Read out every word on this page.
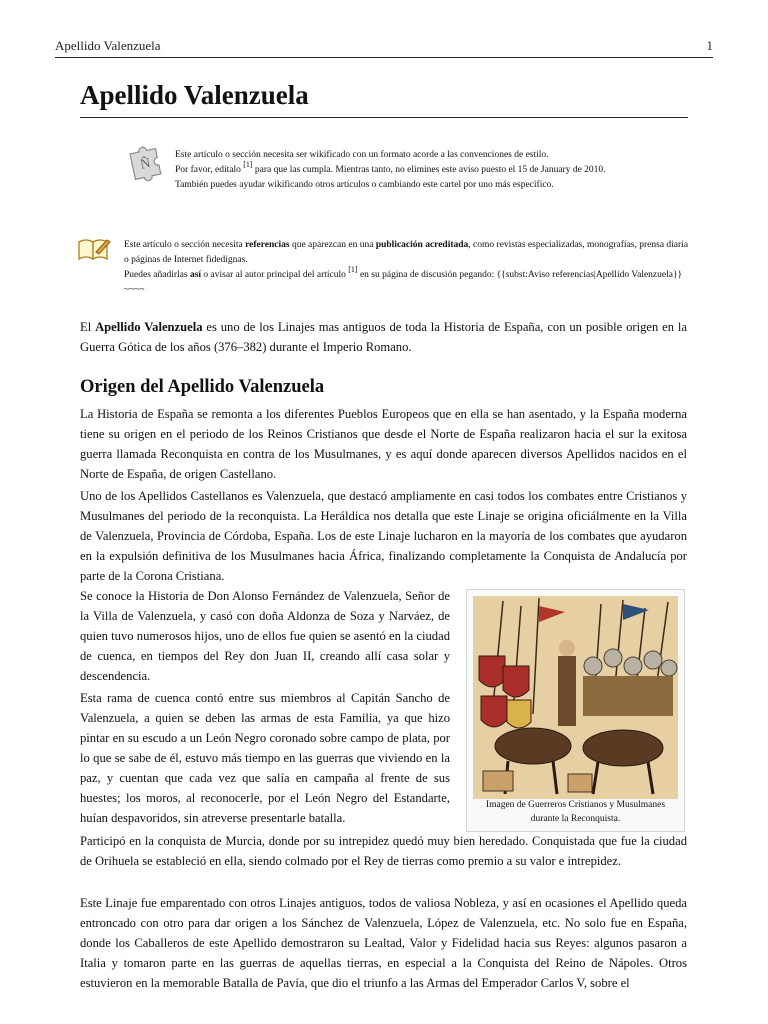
Apellido Valenzuela	1
Apellido Valenzuela
Ñ
Este artículo o sección necesita ser wikificado con un formato acorde a las convenciones de estilo.
Por favor, edítalo [1] para que las cumpla. Mientras tanto, no elimines este aviso puesto el 15 de January de 2010.
También puedes ayudar wikificando otros artículos o cambiando este cartel por uno más específico.
Este artículo o sección necesita referencias que aparezcan en una publicación acreditada, como revistas especializadas, monografías, prensa diaria o páginas de Internet fidedignas.
Puedes añadirlas así o avisar al autor principal del artículo [1] en su página de discusión pegando: {{subst:Aviso referencias|Apellido Valenzuela}} ~~~~

El Apellido Valenzuela es uno de los Linajes mas antiguos de toda la Historia de España, con un posible origen en la Guerra Gótica de los años (376–382) durante el Imperio Romano.

Origen del Apellido Valenzuela

La Historia de España se remonta a los diferentes Pueblos Europeos que en ella se han asentado, y la España moderna tiene su origen en el periodo de los Reinos Cristianos que desde el Norte de España realizaron hacia el sur la exitosa guerra llamada Reconquista en contra de los Musulmanes, y es aquí donde aparecen diversos Apellidos nacidos en el Norte de España, de origen Castellano.

Uno de los Apellidos Castellanos es Valenzuela, que destacó ampliamente en casi todos los combates entre Cristianos y Musulmanes del periodo de la reconquista. La Heráldica nos detalla que este Linaje se origina oficiálmente en la Villa de Valenzuela, Provincia de Córdoba, España. Los de este Linaje lucharon en la mayoría de los combates que ayudaron en la expulsión definitiva de los Musulmanes hacia África, finalizando completamente la Conquista de Andalucía por parte de la Corona Cristiana.

Se conoce la Historia de Don Alonso Fernández de Valenzuela, Señor de la Villa de Valenzuela, y casó con doña Aldonza de Soza y Narváez, de quien tuvo numerosos hijos, uno de ellos fue quien se asentó en la ciudad de cuenca, en tiempos del Rey don Juan II, creando allí casa solar y descendencia.

Esta rama de cuenca contó entre sus miembros al Capitán Sancho de Valenzuela, a quien se deben las armas de esta Familia, ya que hizo pintar en su escudo a un León Negro coronado sobre campo de plata, por lo que se sabe de él, estuvo más tiempo en las guerras que viviendo en la paz, y cuentan que cada vez que salía en campaña al frente de sus huestes; los moros, al reconocerle, por el León Negro del Estandarte, huían despavoridos, sin atreverse presentarle batalla.

Participó en la conquista de Murcia, donde por su intrepidez quedó muy bien heredado. Conquistada que fue la ciudad de Orihuela se estableció en ella, siendo colmado por el Rey de tierras como premio a su valor e intrepidez.

Este Linaje fue emparentado con otros Linajes antiguos, todos de valiosa Nobleza, y así en ocasiones el Apellido queda entroncado con otro para dar origen a los Sánchez de Valenzuela, López de Valenzuela, etc. No solo fue en España, donde los Caballeros de este Apellido demostraron su Lealtad, Valor y Fidelidad hacia sus Reyes: algunos pasaron a Italia y tomaron parte en las guerras de aquellas tierras, en especial a la Conquista del Reino de Nápoles. Otros estuvieron en la memorable Batalla de Pavía, que dio el triunfo a las Armas del Emperador Carlos V, sobre el

Imagen de Guerreros Cristianos y Musulmanes durante la Reconquista.
